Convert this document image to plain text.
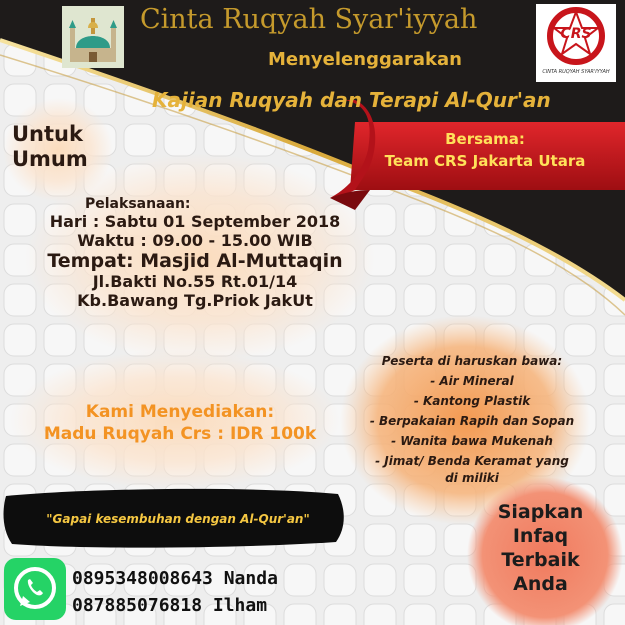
CRS
CINTA RUQYAH SYAR'IYYAH
Cinta Ruqyah Syar'iyyah
Menyelenggarakan
Kajian Ruqyah dan Terapi Al-Qur'an
Untuk
Umum
Bersama:
Team CRS Jakarta Utara
Pelaksanaan:
Hari : Sabtu 01 September 2018
Waktu : 09.00 - 15.00 WIB
Tempat: Masjid Al-Muttaqin
Jl.Bakti No.55 Rt.01/14
Kb.Bawang Tg.Priok JakUt
Kami Menyediakan:
Madu Ruqyah Crs : IDR 100k
Peserta di haruskan bawa:
- Air Mineral
- Kantong Plastik
- Berpakaian Rapih dan Sopan
- Wanita bawa Mukenah
- Jimat/ Benda Keramat yang
di miliki
Siapkan
Infaq
Terbaik
Anda
"Gapai kesembuhan dengan Al-Qur'an"
0895348008643 Nanda
087885076818 Ilham
